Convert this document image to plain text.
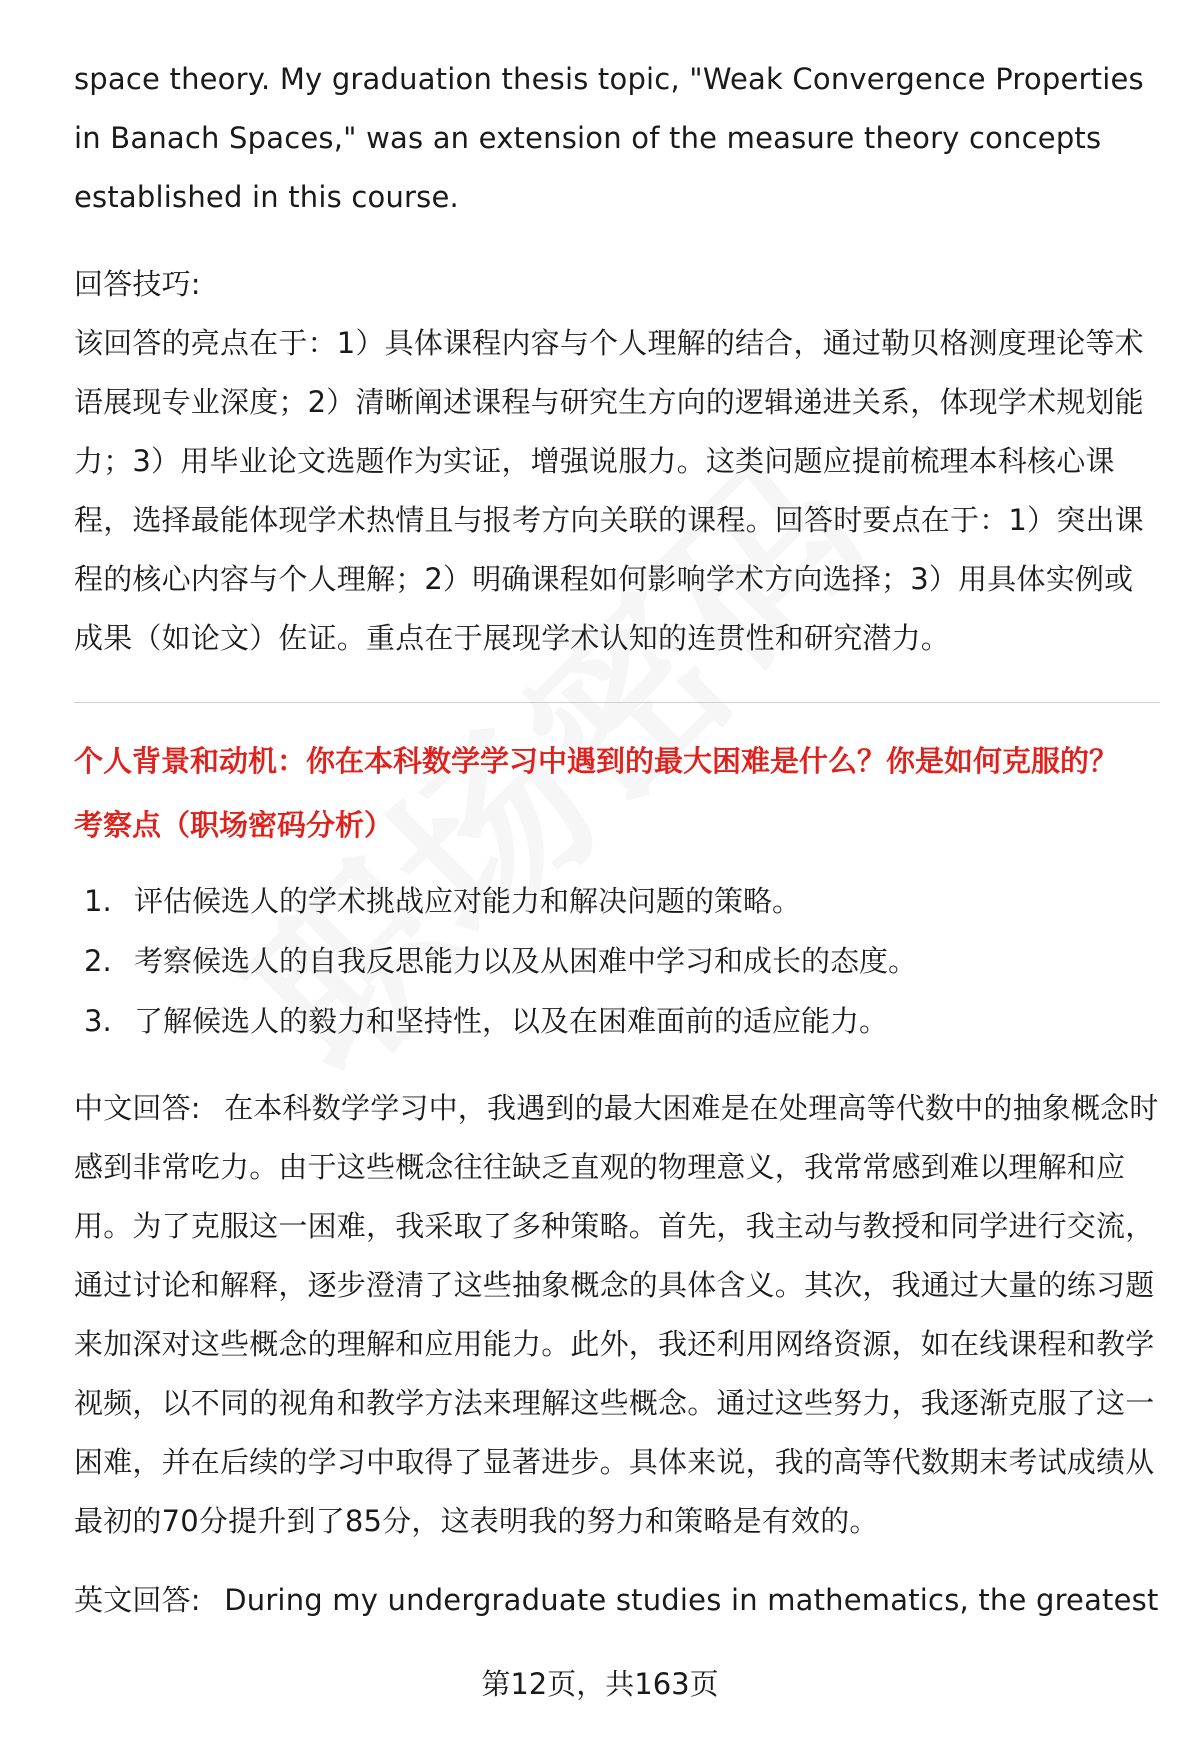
space theory. My graduation thesis topic, "Weak Convergence Properties in Banach Spaces," was an extension of the measure theory concepts established in this course.

回答技巧:

该回答的亮点在于：1）具体课程内容与个人理解的结合，通过勒贝格测度理论等术语展现专业深度；2）清晰阐述课程与研究生方向的逻辑递进关系，体现学术规划能力；3）用毕业论文选题作为实证，增强说服力。这类问题应提前梳理本科核心课程，选择最能体现学术热情且与报考方向关联的课程。回答时要点在于：1）突出课程的核心内容与个人理解；2）明确课程如何影响学术方向选择；3）用具体实例或成果（如论文）佐证。重点在于展现学术认知的连贯性和研究潜力。

个人背景和动机：你在本科数学学习中遇到的最大困难是什么？你是如何克服的？

考察点（职场密码分析）

1. 评估候选人的学术挑战应对能力和解决问题的策略。
2. 考察候选人的自我反思能力以及从困难中学习和成长的态度。
3. 了解候选人的毅力和坚持性，以及在困难面前的适应能力。

中文回答: 在本科数学学习中，我遇到的最大困难是在处理高等代数中的抽象概念时感到非常吃力。由于这些概念往往缺乏直观的物理意义，我常常感到难以理解和应用。为了克服这一困难，我采取了多种策略。首先，我主动与教授和同学进行交流，通过讨论和解释，逐步澄清了这些抽象概念的具体含义。其次，我通过大量的练习题来加深对这些概念的理解和应用能力。此外，我还利用网络资源，如在线课程和教学视频，以不同的视角和教学方法来理解这些概念。通过这些努力，我逐渐克服了这一困难，并在后续的学习中取得了显著进步。具体来说，我的高等代数期末考试成绩从最初的70分提升到了85分，这表明我的努力和策略是有效的。

英文回答: During my undergraduate studies in mathematics, the greatest

第12页，共163页
